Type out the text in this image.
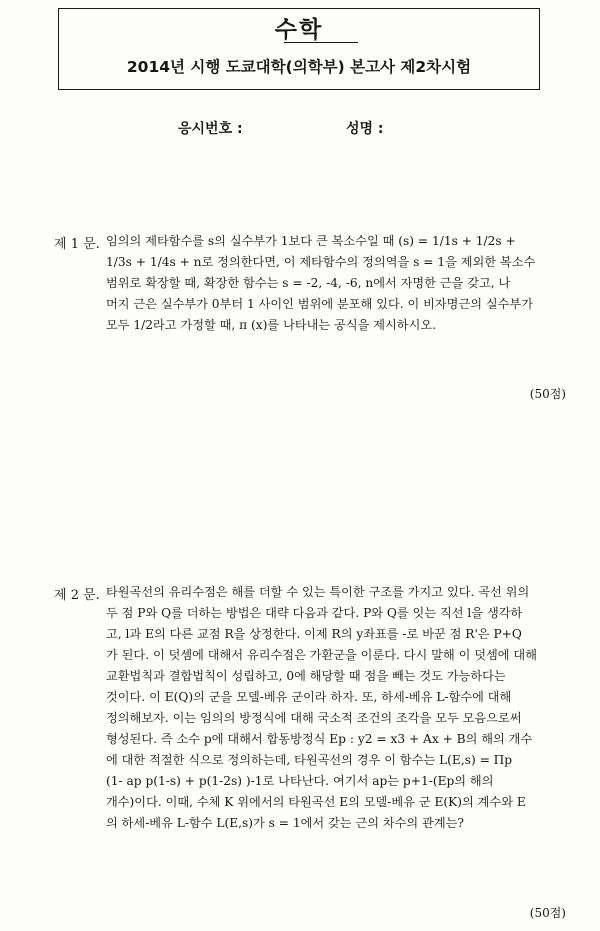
수학
2014년 시행 도쿄대학(의학부) 본고사 제2차시험
응시번호 :	성명 :
제 1 문. 임의의 제타함수를 s의 실수부가 1보다 큰 복소수일 때 (s) = 1/1s + 1/2s +
1/3s + 1/4s + n로 정의한다면, 이 제타함수의 정의역을 s = 1을 제외한 복소수
범위로 확장할 때, 확장한 함수는 s = -2, -4, -6, n에서 자명한 근을 갖고, 나
머지 근은 실수부가 0부터 1 사이인 범위에 분포해 있다. 이 비자명근의 실수부가
모두 1/2라고 가정할 때, π (x)를 나타내는 공식을 제시하시오.
(50점)
제 2 문. 타원곡선의 유리수점은 해를 더할 수 있는 특이한 구조를 가지고 있다. 곡선 위의
두 점 P와 Q를 더하는 방법은 대략 다음과 같다. P와 Q를 잇는 직선 l을 생각하
고, l과 E의 다른 교점 R을 상정한다. 이제 R의 y좌표를 -로 바꾼 점 R'은 P+Q
가 된다. 이 덧셈에 대해서 유리수점은 가환군을 이룬다. 다시 말해 이 덧셈에 대해
교환법칙과 결합법칙이 성립하고, 0에 해당할 때 점을 빼는 것도 가능하다는
것이다. 이 E(Q)의 군을 모델-베유 군이라 하자. 또, 하세-베유 L-함수에 대해
정의해보자. 이는 임의의 방정식에 대해 국소적 조건의 조각을 모두 모음으로써
형성된다. 즉 소수 p에 대해서 합동방정식 Ep : y2 = x3 + Ax + B의 해의 개수
에 대한 적절한 식으로 정의하는데, 타원곡선의 경우 이 함수는 L(E,s) = Πp
(1- ap p(1-s) + p(1-2s) )-1로 나타난다. 여기서 ap는 p+1-(Ep의 해의
개수)이다. 이때, 수체 K 위에서의 타원곡선 E의 모델-베유 군 E(K)의 계수와 E
의 하세-베유 L-함수 L(E,s)가 s = 1에서 갖는 근의 차수의 관계는?
(50점)
